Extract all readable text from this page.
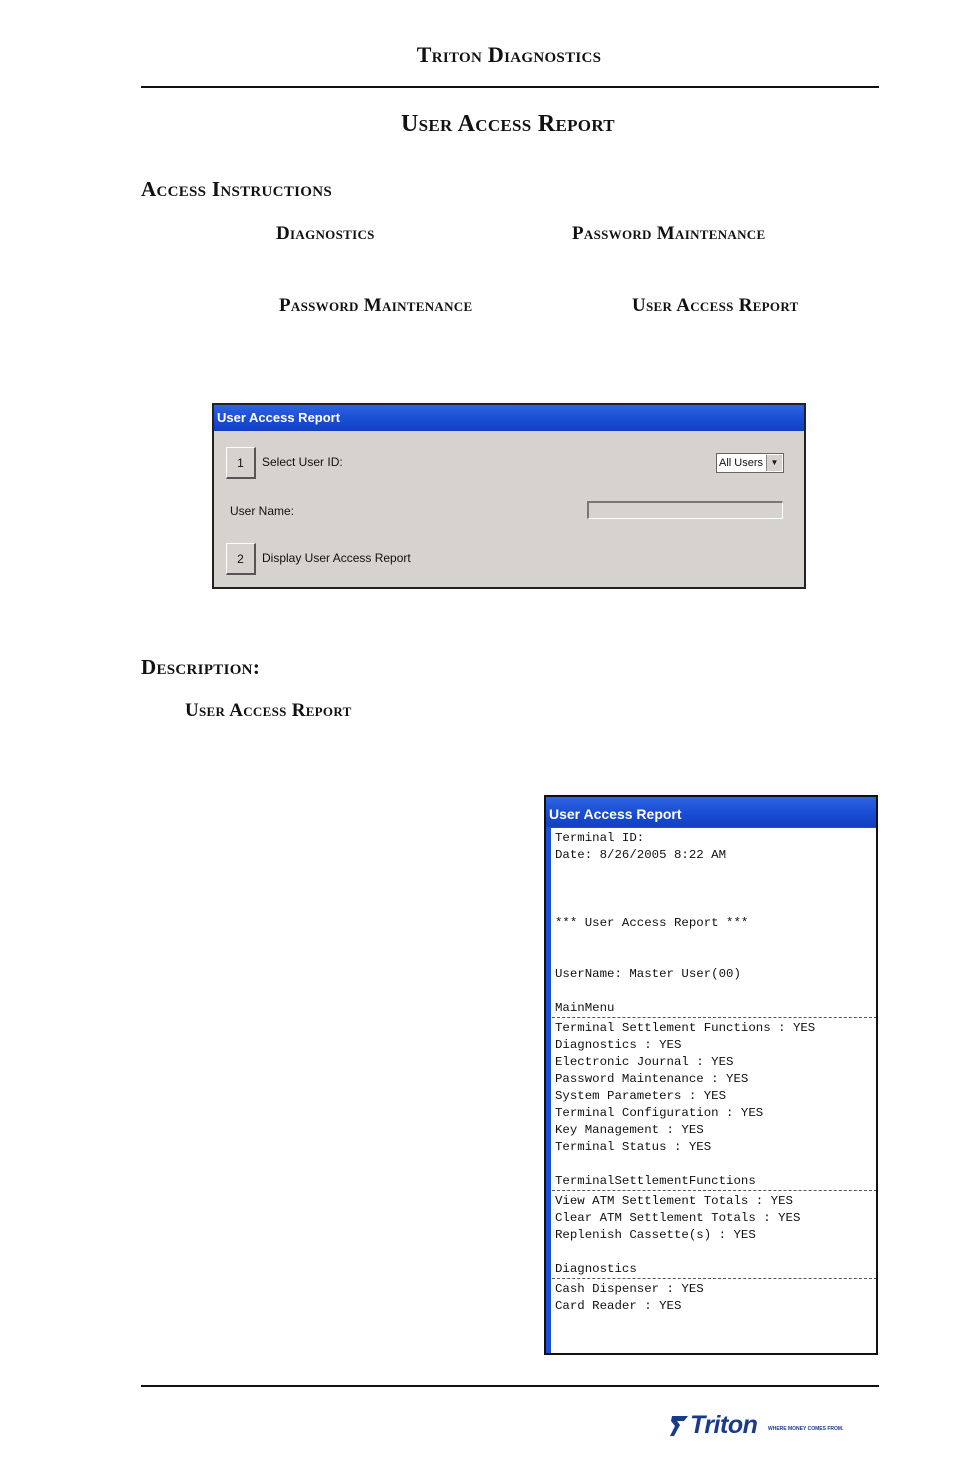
Triton Diagnostics
User Access Report
Access Instructions
Diagnostics	Password Maintenance
Password Maintenance	User Access Report
User Access Report
1	Select User ID:	All Users ▼
User Name:
2	Display User Access Report
Description:
User Access Report
User Access Report
Terminal ID:
Date: 8/26/2005 8:22 AM

*** User Access Report ***

UserName: Master User(00)

MainMenu
Terminal Settlement Functions : YES
Diagnostics : YES
Electronic Journal : YES
Password Maintenance : YES
System Parameters : YES
Terminal Configuration : YES
Key Management : YES
Terminal Status : YES

TerminalSettlementFunctions
View ATM Settlement Totals : YES
Clear ATM Settlement Totals : YES
Replenish Cassette(s) : YES

Diagnostics
Cash Dispenser : YES
Card Reader : YES
Triton WHERE MONEY COMES FROM.
